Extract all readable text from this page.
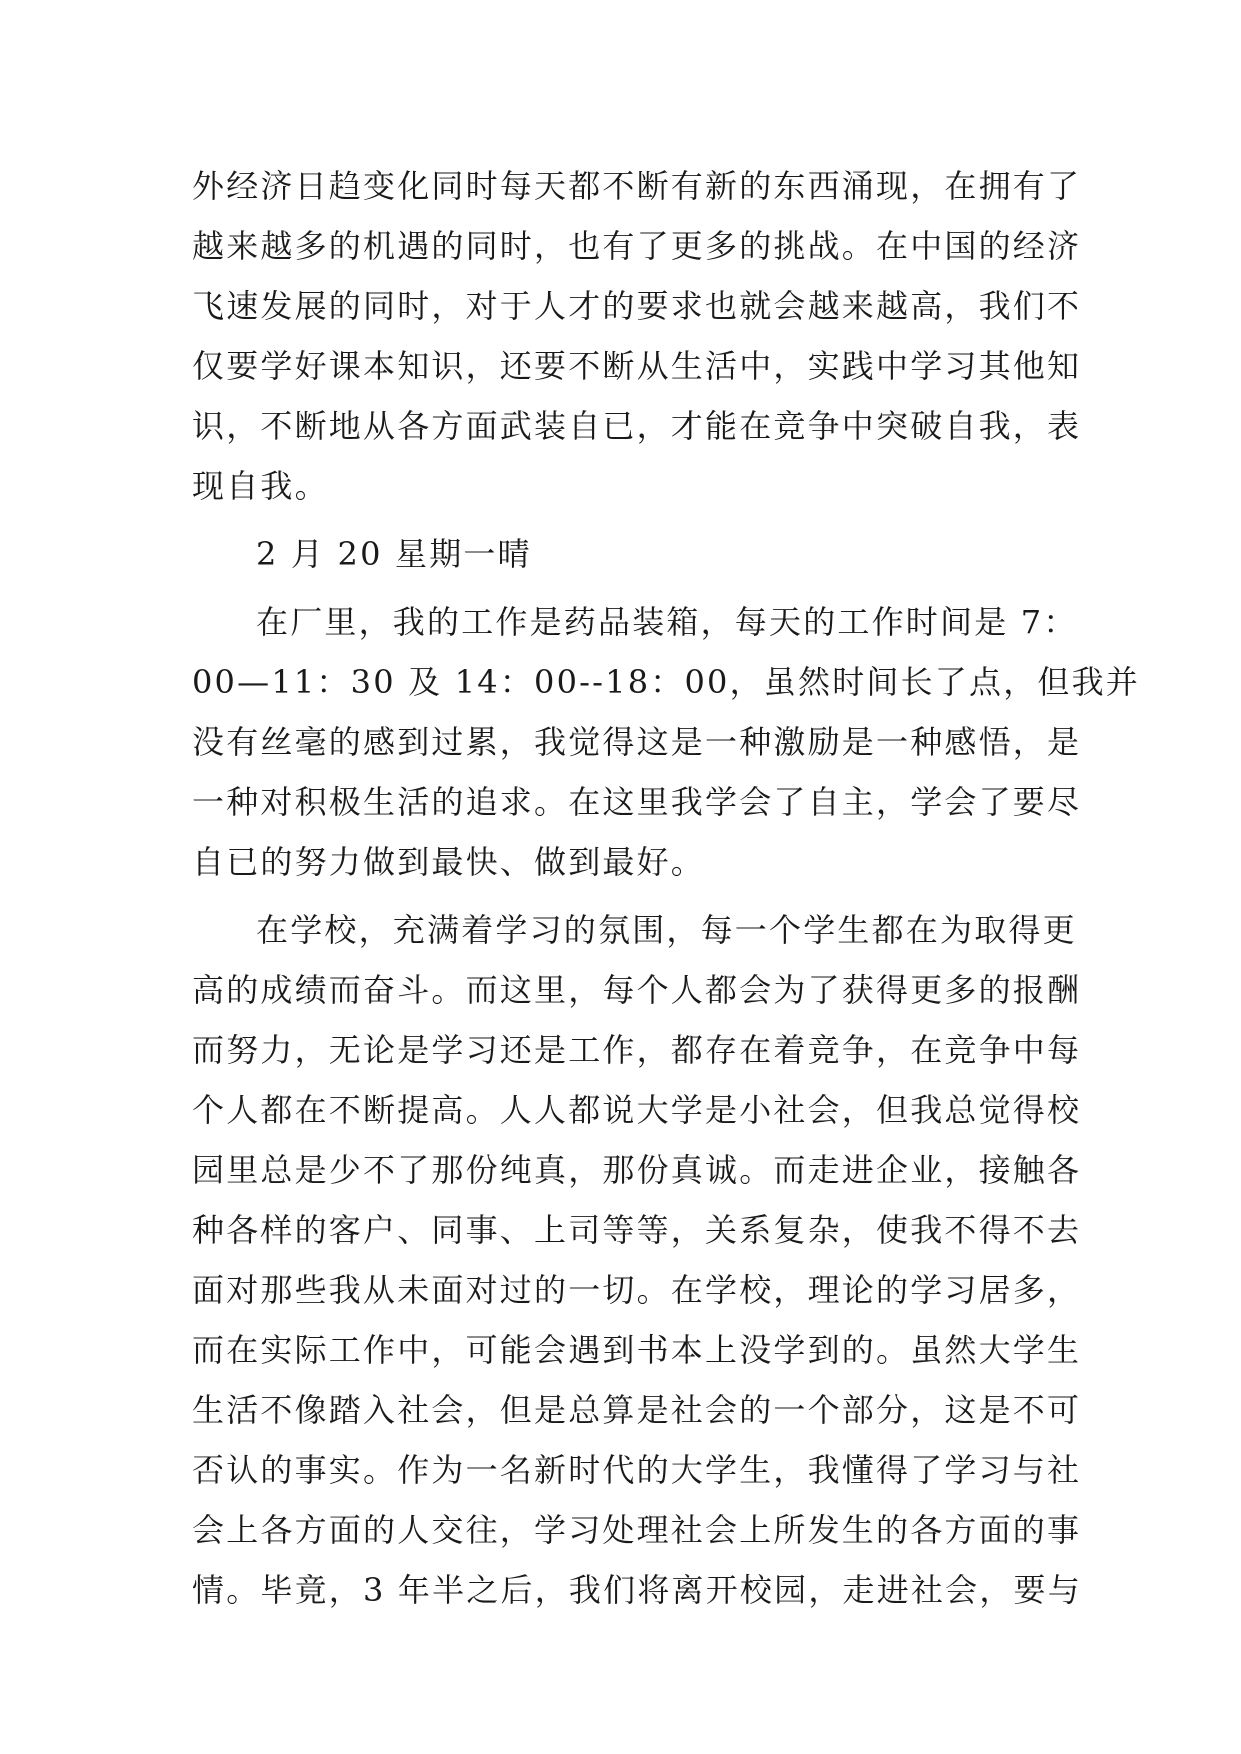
外经济日趋变化同时每天都不断有新的东西涌现，在拥有了
越来越多的机遇的同时，也有了更多的挑战。在中国的经济
飞速发展的同时，对于人才的要求也就会越来越高，我们不
仅要学好课本知识，还要不断从生活中，实践中学习其他知
识，不断地从各方面武装自已，才能在竞争中突破自我，表
现自我。
2 月 20 星期一晴
在厂里，我的工作是药品装箱，每天的工作时间是 7：
00—11：30 及 14：00--18：00，虽然时间长了点，但我并
没有丝毫的感到过累，我觉得这是一种激励是一种感悟，是
一种对积极生活的追求。在这里我学会了自主，学会了要尽
自已的努力做到最快、做到最好。
在学校，充满着学习的氛围，每一个学生都在为取得更
高的成绩而奋斗。而这里，每个人都会为了获得更多的报酬
而努力，无论是学习还是工作，都存在着竞争，在竞争中每
个人都在不断提高。人人都说大学是小社会，但我总觉得校
园里总是少不了那份纯真，那份真诚。而走进企业，接触各
种各样的客户、同事、上司等等，关系复杂，使我不得不去
面对那些我从未面对过的一切。在学校，理论的学习居多，
而在实际工作中，可能会遇到书本上没学到的。虽然大学生
生活不像踏入社会，但是总算是社会的一个部分，这是不可
否认的事实。作为一名新时代的大学生，我懂得了学习与社
会上各方面的人交往，学习处理社会上所发生的各方面的事
情。毕竟，3 年半之后，我们将离开校园，走进社会，要与
